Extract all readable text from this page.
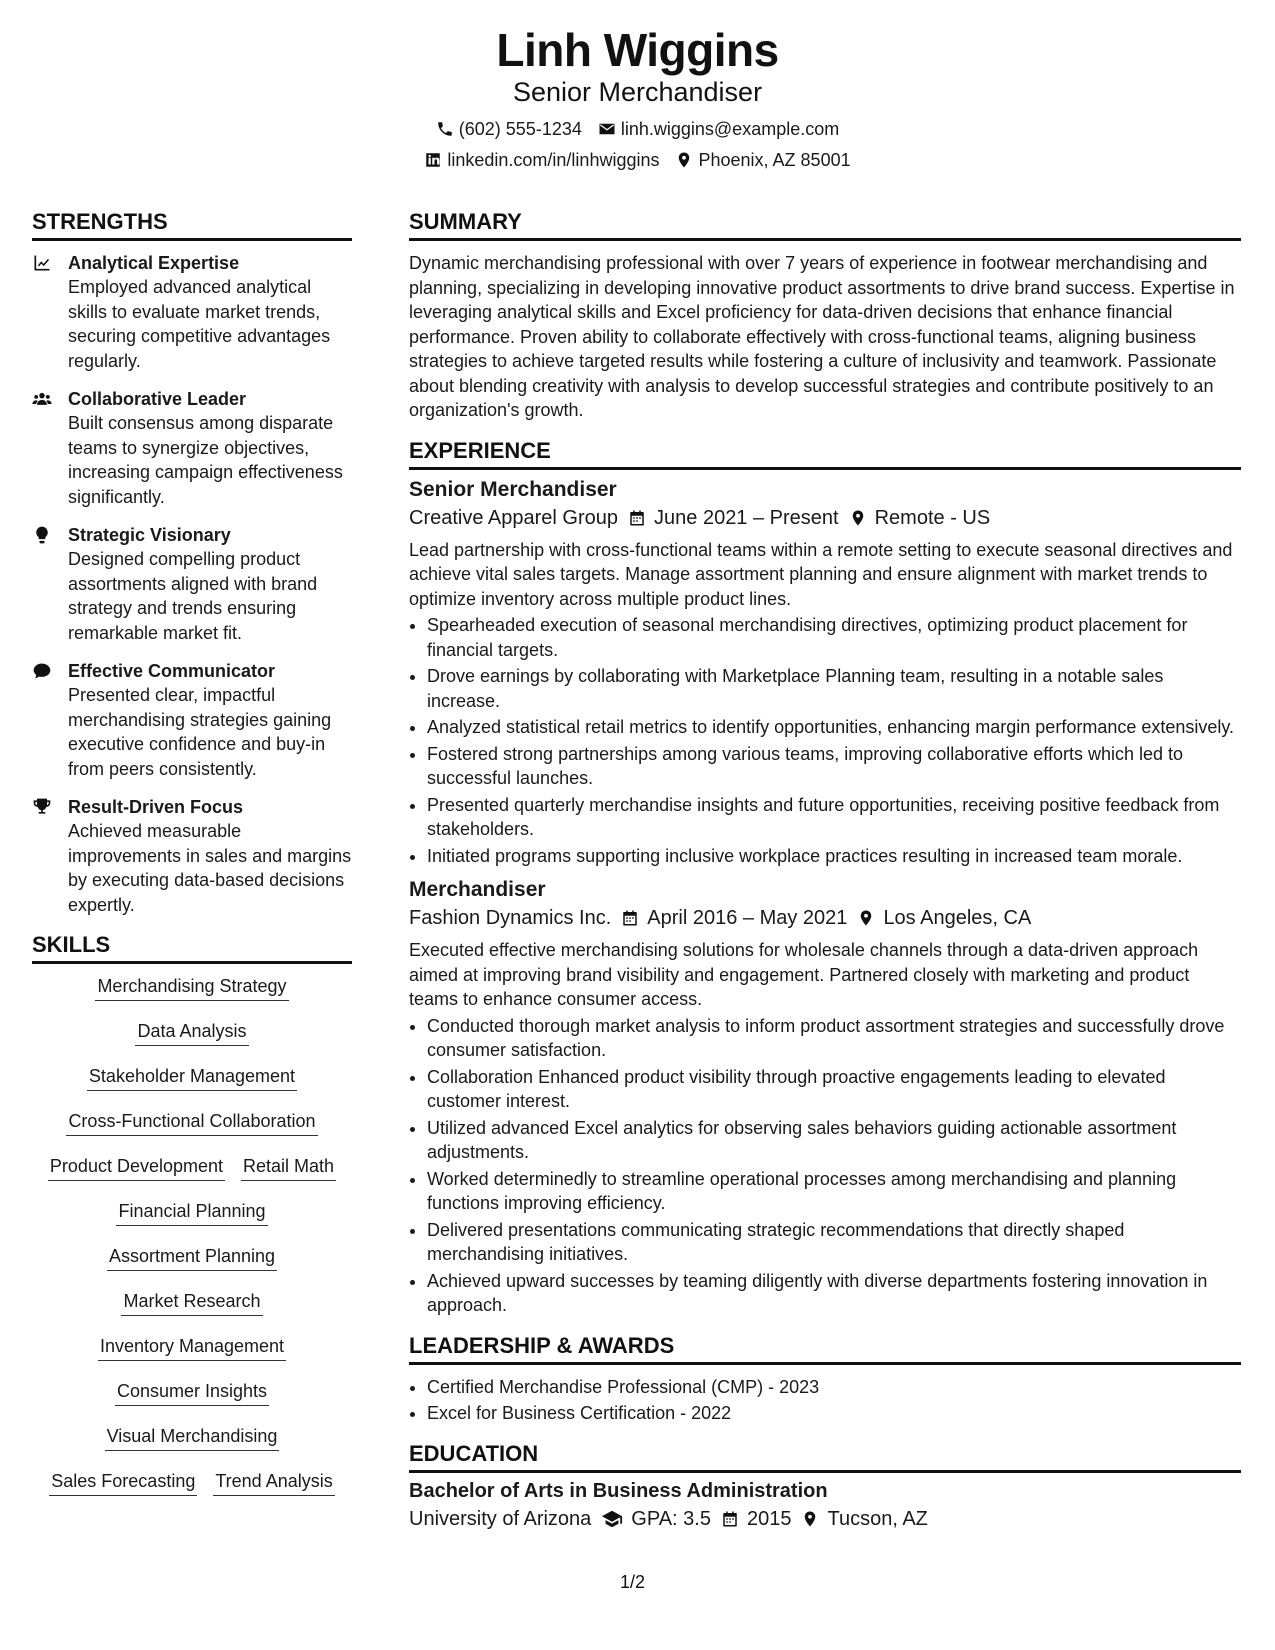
Linh Wiggins
Senior Merchandiser
(602) 555-1234 linh.wiggins@example.com
linkedin.com/in/linhwiggins Phoenix, AZ 85001
STRENGTHS
Analytical Expertise
Employed advanced analytical skills to evaluate market trends, securing competitive advantages regularly.
Collaborative Leader
Built consensus among disparate teams to synergize objectives, increasing campaign effectiveness significantly.
Strategic Visionary
Designed compelling product assortments aligned with brand strategy and trends ensuring remarkable market fit.
Effective Communicator
Presented clear, impactful merchandising strategies gaining executive confidence and buy-in from peers consistently.
Result-Driven Focus
Achieved measurable improvements in sales and margins by executing data-based decisions expertly.
SKILLS
Merchandising Strategy
Data Analysis
Stakeholder Management
Cross-Functional Collaboration
Product Development Retail Math
Financial Planning
Assortment Planning
Market Research
Inventory Management
Consumer Insights
Visual Merchandising
Sales Forecasting Trend Analysis
SUMMARY

Dynamic merchandising professional with over 7 years of experience in footwear merchandising and planning, specializing in developing innovative product assortments to drive brand success. Expertise in leveraging analytical skills and Excel proficiency for data-driven decisions that enhance financial performance. Proven ability to collaborate effectively with cross-functional teams, aligning business strategies to achieve targeted results while fostering a culture of inclusivity and teamwork. Passionate about blending creativity with analysis to develop successful strategies and contribute positively to an organization's growth.

EXPERIENCE
Senior Merchandiser
Creative Apparel Group June 2021 – Present Remote - US

Lead partnership with cross-functional teams within a remote setting to execute seasonal directives and achieve vital sales targets. Manage assortment planning and ensure alignment with market trends to optimize inventory across multiple product lines.

• Spearheaded execution of seasonal merchandising directives, optimizing product placement for financial targets.
• Drove earnings by collaborating with Marketplace Planning team, resulting in a notable sales increase.
• Analyzed statistical retail metrics to identify opportunities, enhancing margin performance extensively.
• Fostered strong partnerships among various teams, improving collaborative efforts which led to successful launches.
• Presented quarterly merchandise insights and future opportunities, receiving positive feedback from stakeholders.
• Initiated programs supporting inclusive workplace practices resulting in increased team morale.
Merchandiser
Fashion Dynamics Inc. April 2016 – May 2021 Los Angeles, CA

Executed effective merchandising solutions for wholesale channels through a data-driven approach aimed at improving brand visibility and engagement. Partnered closely with marketing and product teams to enhance consumer access.

• Conducted thorough market analysis to inform product assortment strategies and successfully drove consumer satisfaction.
• Collaboration Enhanced product visibility through proactive engagements leading to elevated customer interest.
• Utilized advanced Excel analytics for observing sales behaviors guiding actionable assortment adjustments.
• Worked determinedly to streamline operational processes among merchandising and planning functions improving efficiency.
• Delivered presentations communicating strategic recommendations that directly shaped merchandising initiatives.
• Achieved upward successes by teaming diligently with diverse departments fostering innovation in approach.
LEADERSHIP & AWARDS
• Certified Merchandise Professional (CMP) - 2023
• Excel for Business Certification - 2022
EDUCATION
Bachelor of Arts in Business Administration
University of Arizona GPA: 3.5 2015 Tucson, AZ
1/2
